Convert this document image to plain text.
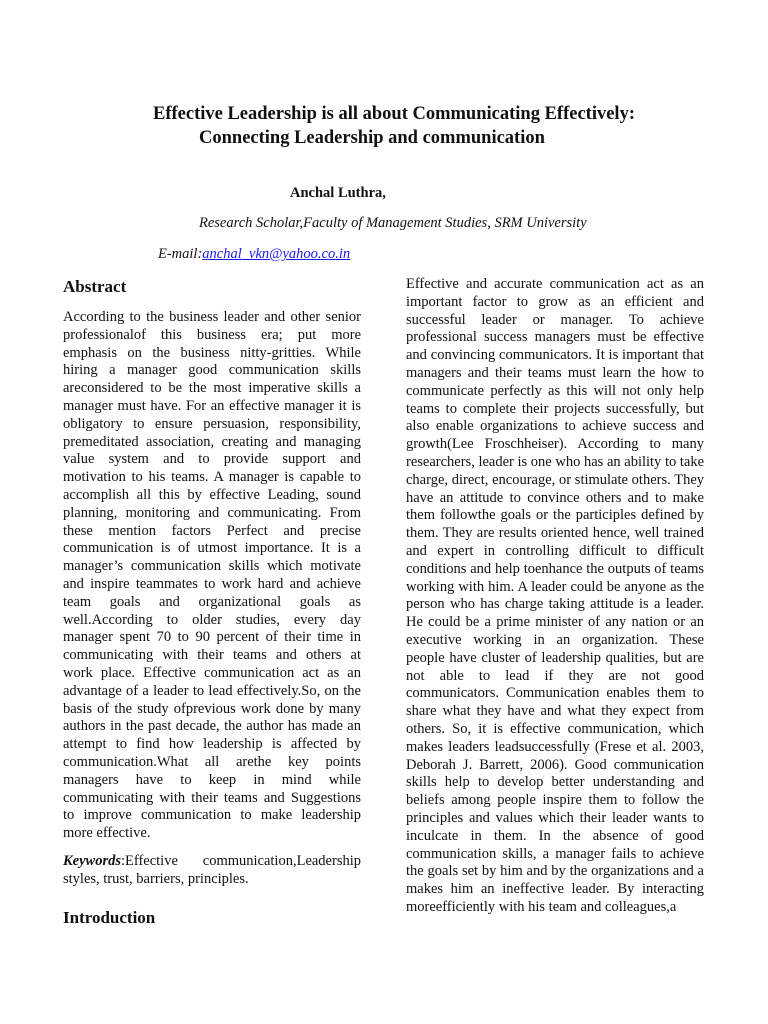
Effective Leadership is all about Communicating Effectively:
Connecting Leadership and communication
Anchal Luthra,
Research Scholar,Faculty of Management Studies, SRM University
E-mail:anchal_vkn@yahoo.co.in
Abstract

According to the business leader and other senior professionalof this business era; put more emphasis on the business nitty-gritties. While hiring a manager good communication skills areconsidered to be the most imperative skills a manager must have. For an effective manager it is obligatory to ensure persuasion, responsibility, premeditated association, creating and managing value system and to provide support and motivation to his teams. A manager is capable to accomplish all this by effective Leading, sound planning, monitoring and communicating. From these mention factors Perfect and precise communication is of utmost importance. It is a manager’s communication skills which motivate and inspire teammates to work hard and achieve team goals and organizational goals as well.According to older studies, every day manager spent 70 to 90 percent of their time in communicating with their teams and others at work place. Effective communication act as an advantage of a leader to lead effectively.So, on the basis of the study ofprevious work done by many authors in the past decade, the author has made an attempt to find how leadership is affected by communication.What all arethe key points managers have to keep in mind while communicating with their teams and Suggestions to improve communication to make leadership more effective.

Keywords:Effective communication,Leadership styles, trust, barriers, principles.

Introduction

Effective and accurate communication act as an important factor to grow as an efficient and successful leader or manager. To achieve professional success managers must be effective and convincing communicators. It is important that managers and their teams must learn the how to communicate perfectly as this will not only help teams to complete their projects successfully, but also enable organizations to achieve success and growth(Lee Froschheiser). According to many researchers, leader is one who has an ability to take charge, direct, encourage, or stimulate others. They have an attitude to convince others and to make them followthe goals or the participles defined by them. They are results oriented hence, well trained and expert in controlling difficult to difficult conditions and help toenhance the outputs of teams working with him. A leader could be anyone as the person who has charge taking attitude is a leader. He could be a prime minister of any nation or an executive working in an organization. These people have cluster of leadership qualities, but are not able to lead if they are not good communicators. Communication enables them to share what they have and what they expect from others. So, it is effective communication, which makes leaders leadsuccessfully (Frese et al. 2003, Deborah J. Barrett, 2006). Good communication skills help to develop better understanding and beliefs among people inspire them to follow the principles and values which their leader wants to inculcate in them. In the absence of good communication skills, a manager fails to achieve the goals set by him and by the organizations and a makes him an ineffective leader. By interacting moreefficiently with his team and colleagues,a
